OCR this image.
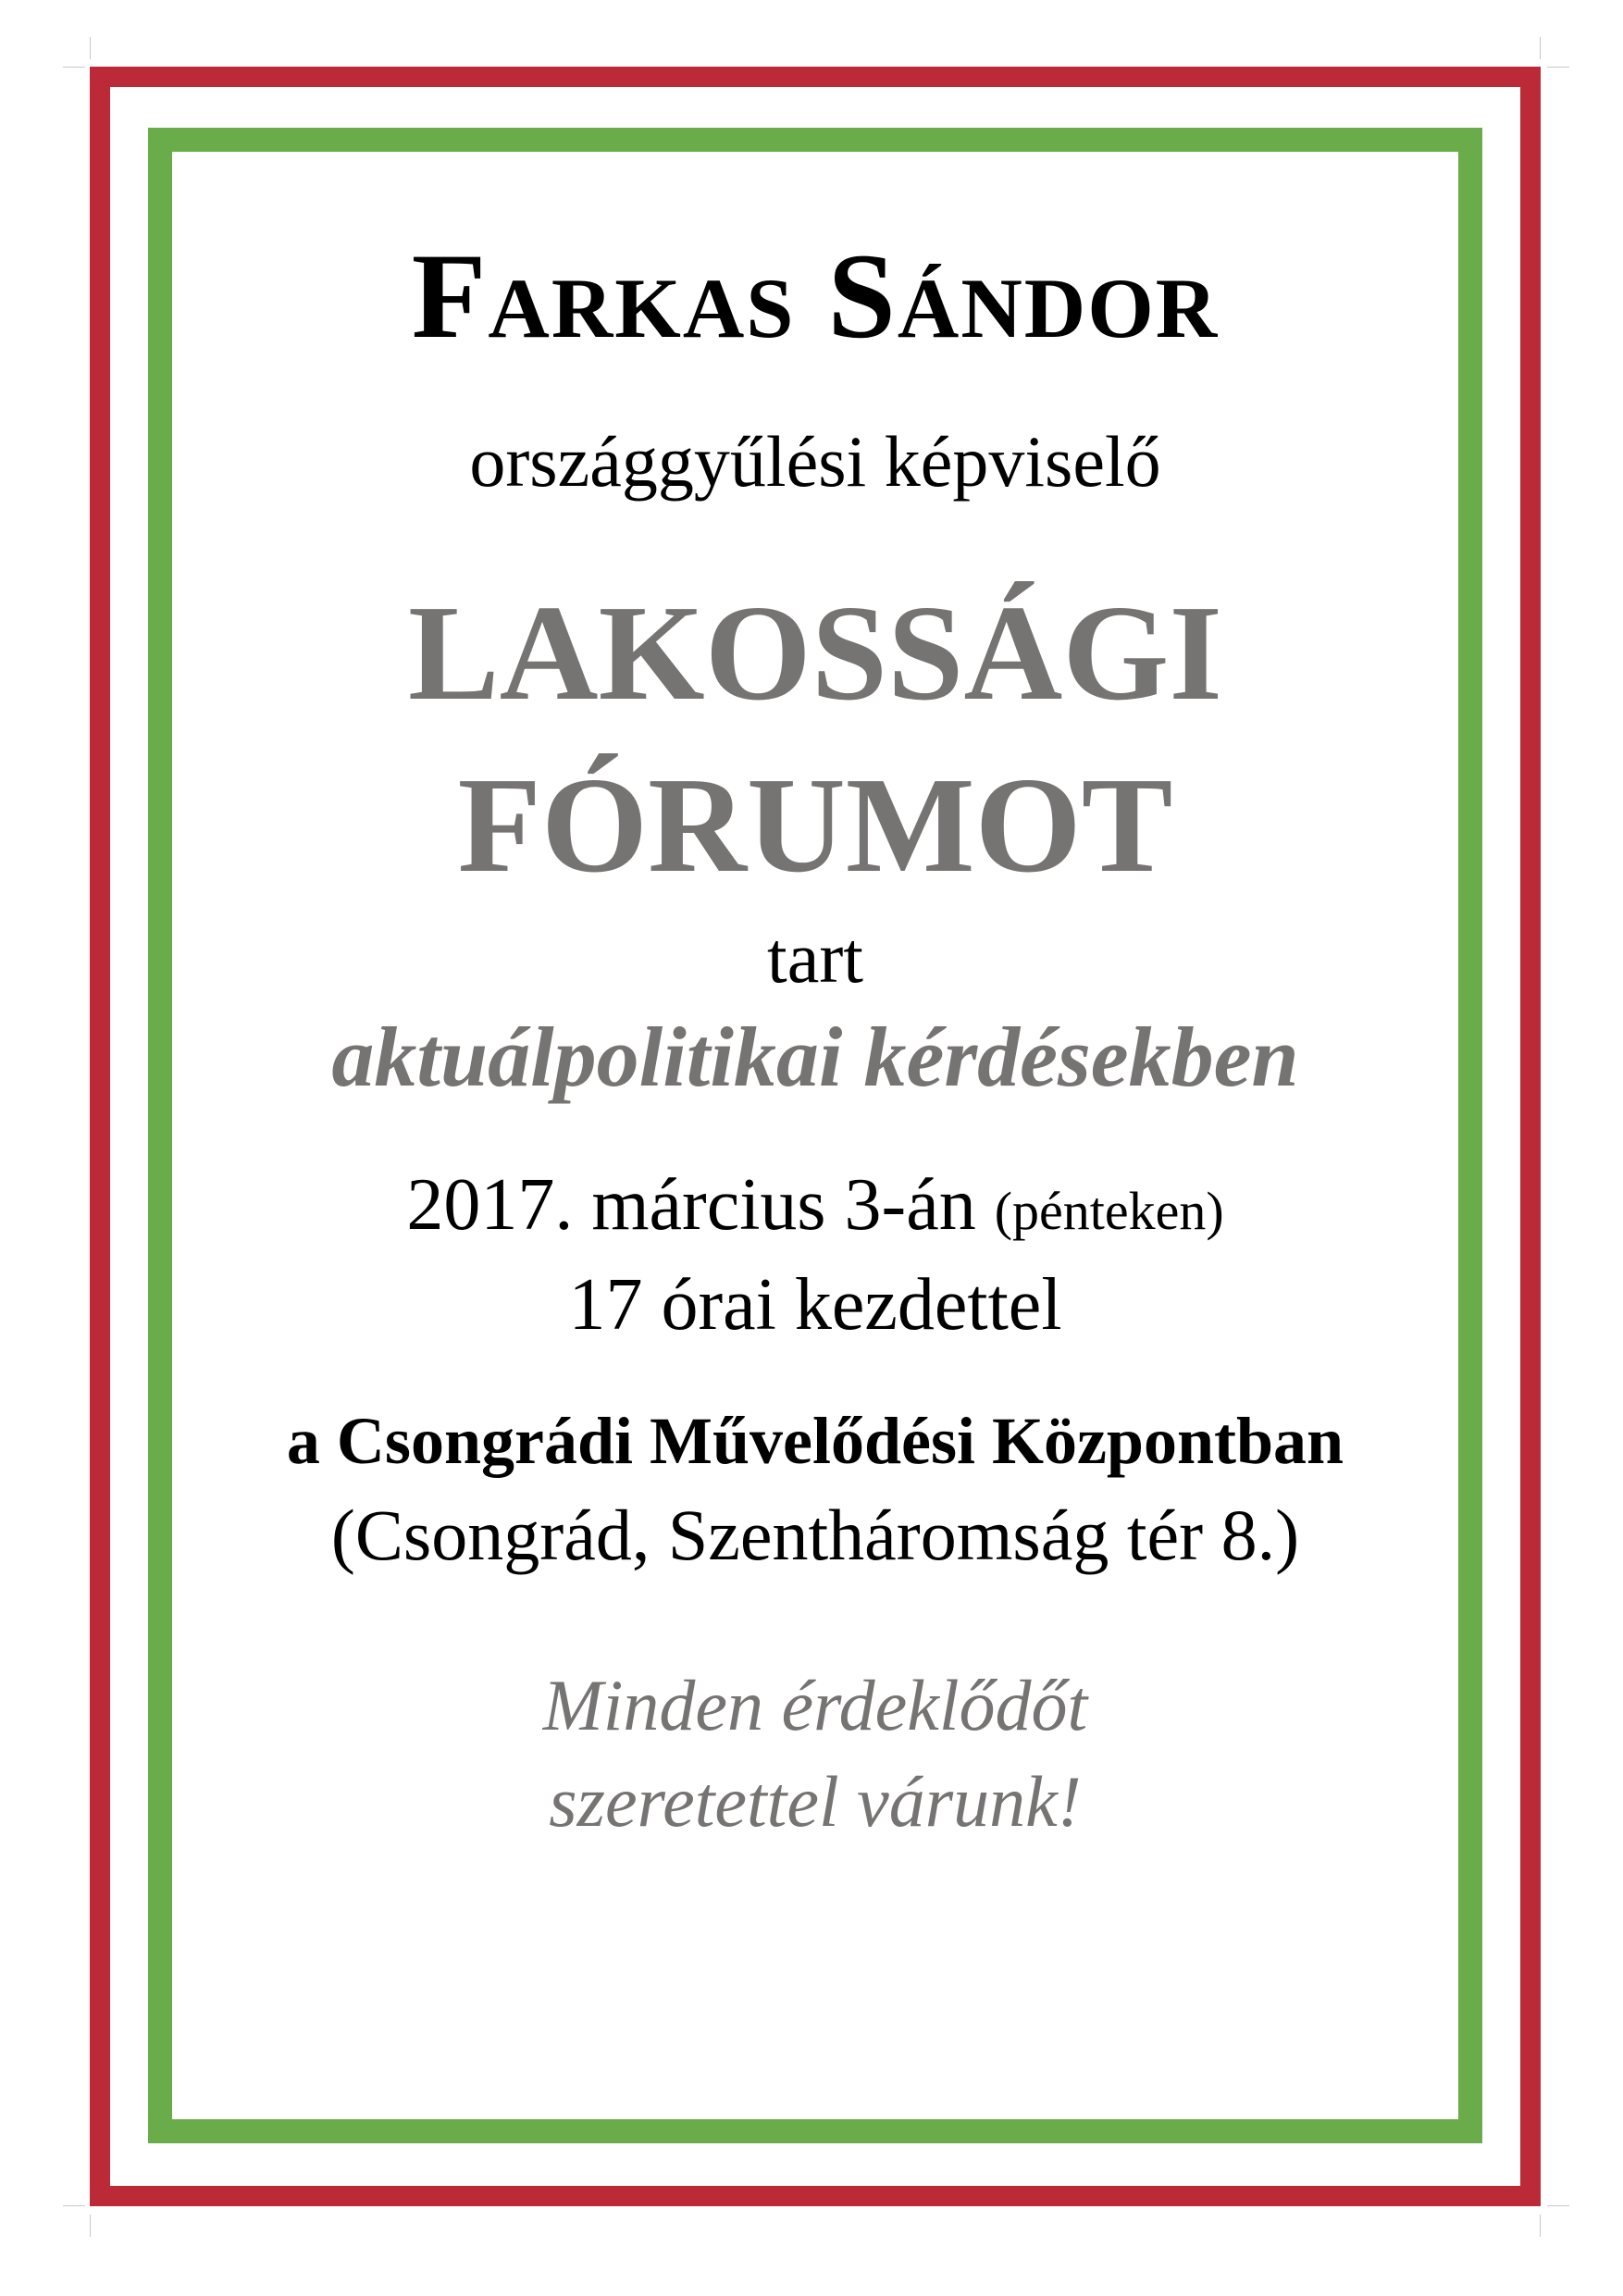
Farkas Sándor
országgyűlési képviselő
LAKOSSÁGI
FÓRUMOT
tart
aktuálpolitikai kérdésekben
2017. március 3-án (pénteken)
17 órai kezdettel
a Csongrádi Művelődési Központban
(Csongrád, Szentháromság tér 8.)
Minden érdeklődőt
szeretettel várunk!
